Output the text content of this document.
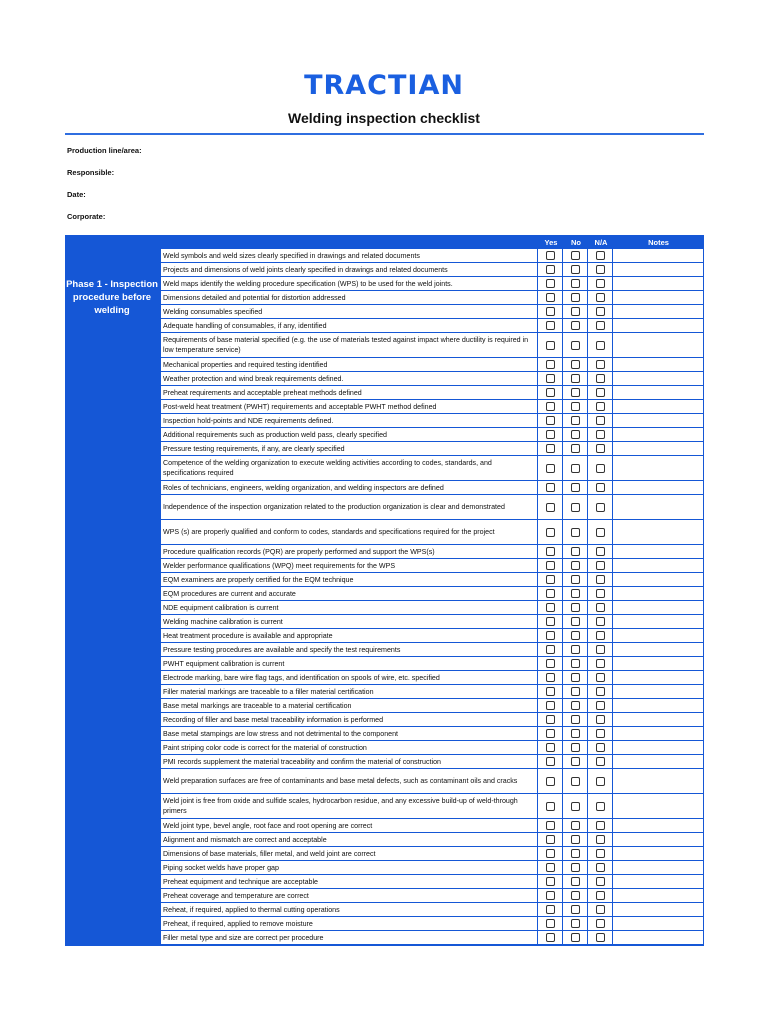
TRACTIAN
Welding inspection checklist
Production line/area:
Responsible:
Date:
Corporate:
Phase 1 - Inspection procedure before welding
Yes	No	N/A	Notes
Weld symbols and weld sizes clearly specified in drawings and related documents
Projects and dimensions of weld joints clearly specified in drawings and related documents
Weld maps identify the welding procedure specification (WPS) to be used for the weld joints.
Dimensions detailed and potential for distortion addressed
Welding consumables specified
Adequate handling of consumables, if any, identified
Requirements of base material specified (e.g. the use of materials tested against impact where ductility is required in low temperature service)
Mechanical properties and required testing identified
Weather protection and wind break requirements defined.
Preheat requirements and acceptable preheat methods defined
Post-weld heat treatment (PWHT) requirements and acceptable PWHT method defined
Inspection hold-points and NDE requirements defined.
Additional requirements such as production weld pass, clearly specified
Pressure testing requirements, if any, are clearly specified
Competence of the welding organization to execute welding activities according to codes, standards, and specifications required
Roles of technicians, engineers, welding organization, and welding inspectors are defined
Independence of the inspection organization related to the production organization is clear and demonstrated
WPS (s) are properly qualified and conform to codes, standards and specifications required for the project
Procedure qualification records (PQR) are properly performed and support the WPS(s)
Welder performance qualifications (WPQ) meet requirements for the WPS
EQM examiners are properly certified for the EQM technique
EQM procedures are current and accurate
NDE equipment calibration is current
Welding machine calibration is current
Heat treatment procedure is available and appropriate
Pressure testing procedures are available and specify the test requirements
PWHT equipment calibration is current
Electrode marking, bare wire flag tags, and identification on spools of wire, etc. specified
Filler material markings are traceable to a filler material certification
Base metal markings are traceable to a material certification
Recording of filler and base metal traceability information is performed
Base metal stampings are low stress and not detrimental to the component
Paint striping color code is correct for the material of construction
PMI records supplement the material traceability and confirm the material of construction
Weld preparation surfaces are free of contaminants and base metal defects, such as contaminant oils and cracks
Weld joint is free from oxide and sulfide scales, hydrocarbon residue, and any excessive build-up of weld-through primers
Weld joint type, bevel angle, root face and root opening are correct
Alignment and mismatch are correct and acceptable
Dimensions of base materials, filler metal, and weld joint are correct
Piping socket welds have proper gap
Preheat equipment and technique are acceptable
Preheat coverage and temperature are correct
Reheat, if required, applied to thermal cutting operations
Preheat, if required, applied to remove moisture
Filler metal type and size are correct per procedure
